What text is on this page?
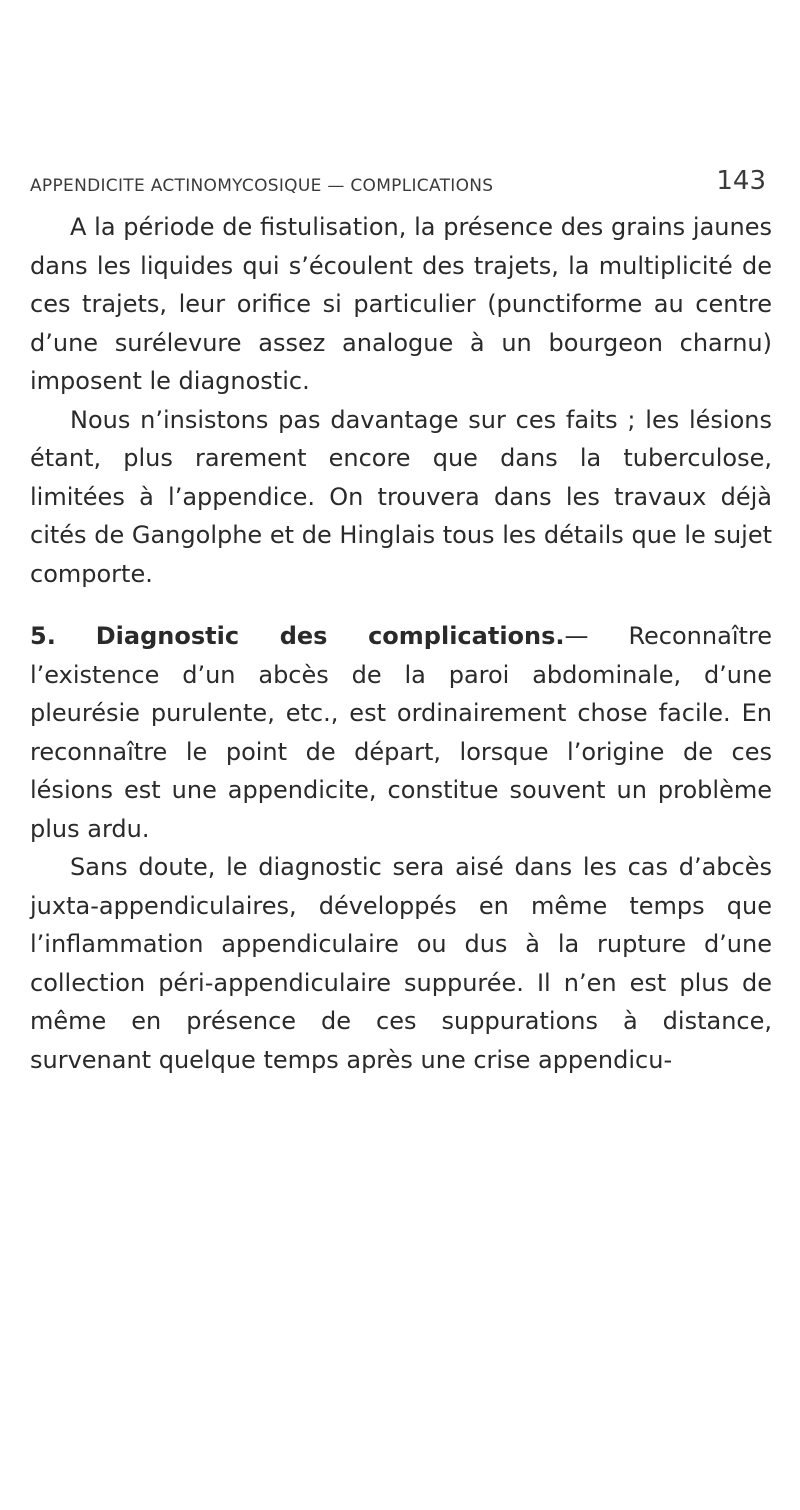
APPENDICITE ACTINOMYCOSIQUE — COMPLICATIONS	143

A la période de fistulisation, la présence des grains jaunes dans les liquides qui s’écoulent des trajets, la multiplicité de ces trajets, leur orifice si particulier (punctiforme au centre d’une surélevure assez analogue à un bourgeon charnu) imposent le diagnostic.

Nous n’insistons pas davantage sur ces faits ; les lésions étant, plus rarement encore que dans la tuberculose, limitées à l’appendice. On trouvera dans les travaux déjà cités de Gangolphe et de Hinglais tous les détails que le sujet comporte.

5. Diagnostic des complications.— Reconnaître l’existence d’un abcès de la paroi abdominale, d’une pleurésie purulente, etc., est ordinairement chose facile. En reconnaître le point de départ, lorsque l’origine de ces lésions est une appendicite, constitue souvent un problème plus ardu.

Sans doute, le diagnostic sera aisé dans les cas d’abcès juxta-appendiculaires, développés en même temps que l’inflammation appendiculaire ou dus à la rupture d’une collection péri-appendiculaire suppurée. Il n’en est plus de même en présence de ces suppurations à distance, survenant quelque temps après une crise appendicu-
